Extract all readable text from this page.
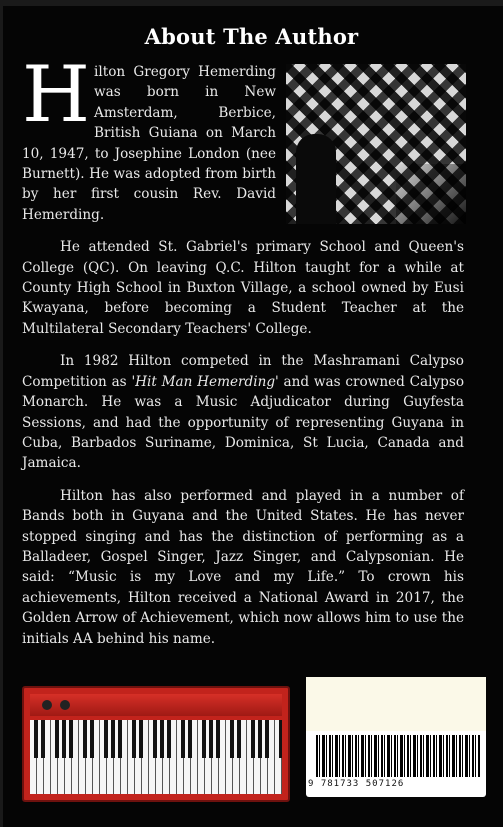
About The Author

Hilton Gregory Hemerding was born in New Amsterdam, Berbice, British Guiana on March 10, 1947, to Josephine London (nee Burnett). He was adopted from birth by her first cousin Rev. David Hemerding.

He attended St. Gabriel's primary School and Queen's College (QC). On leaving Q.C. Hilton taught for a while at County High School in Buxton Village, a school owned by Eusi Kwayana, before becoming a Student Teacher at the Multilateral Secondary Teachers' College.

In 1982 Hilton competed in the Mashramani Calypso Competition as 'Hit Man Hemerding' and was crowned Calypso Monarch. He was a Music Adjudicator during Guyfesta Sessions, and had the opportunity of representing Guyana in Cuba, Barbados Suriname, Dominica, St Lucia, Canada and Jamaica.

Hilton has also performed and played in a number of Bands both in Guyana and the United States. He has never stopped singing and has the distinction of performing as a Balladeer, Gospel Singer, Jazz Singer, and Calypsonian. He said: “Music is my Love and my Life.” To crown his achievements, Hilton received a National Award in 2017, the Golden Arrow of Achievement, which now allows him to use the initials AA behind his name.

9 781733 507126
